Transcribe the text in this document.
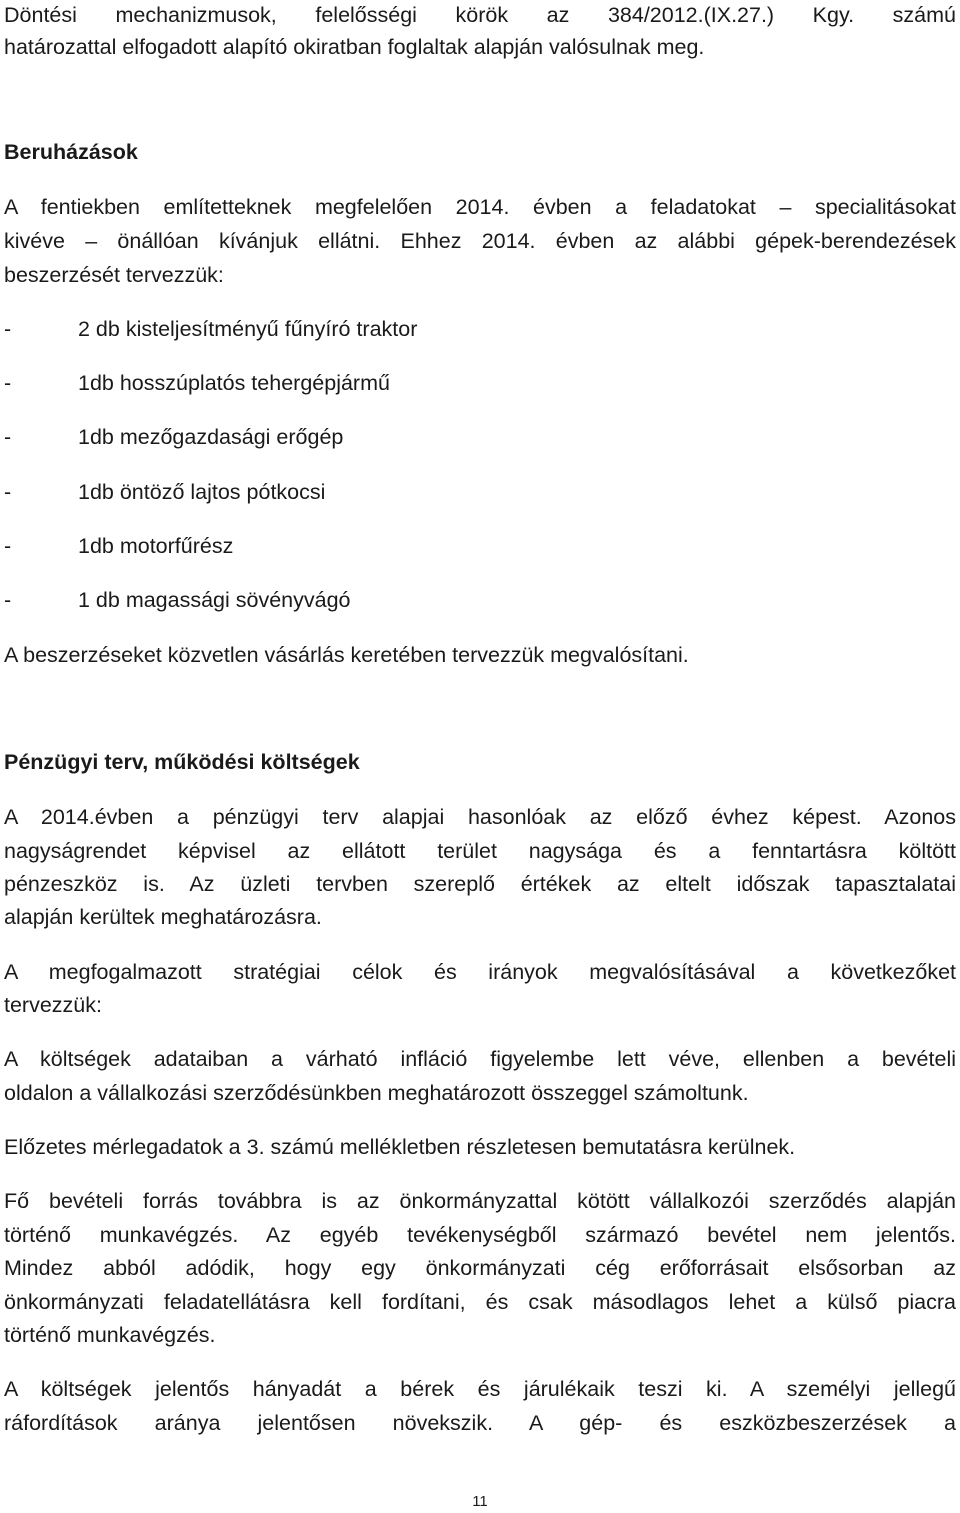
Döntési mechanizmusok, felelősségi körök az 384/2012.(IX.27.) Kgy. számú
határozattal elfogadott alapító okiratban foglaltak alapján valósulnak meg.
Beruházások
A fentiekben említetteknek megfelelően 2014. évben a feladatokat – specialitásokat
kivéve – önállóan kívánjuk ellátni. Ehhez 2014. évben az alábbi gépek-berendezések
beszerzését tervezzük:
-	2 db kisteljesítményű fűnyíró traktor
-	1db hosszúplatós tehergépjármű
-	1db mezőgazdasági erőgép
-	1db öntöző lajtos pótkocsi
-	1db motorfűrész
-	1 db magassági sövényvágó
A beszerzéseket közvetlen vásárlás keretében tervezzük megvalósítani.
Pénzügyi terv, működési költségek
A 2014.évben a pénzügyi terv alapjai hasonlóak az előző évhez képest. Azonos
nagyságrendet képvisel az ellátott terület nagysága és a fenntartásra költött
pénzeszköz is. Az üzleti tervben szereplő értékek az eltelt időszak tapasztalatai
alapján kerültek meghatározásra.
A megfogalmazott stratégiai célok és irányok megvalósításával a következőket
tervezzük:
A költségek adataiban a várható infláció figyelembe lett véve, ellenben a bevételi
oldalon a vállalkozási szerződésünkben meghatározott összeggel számoltunk.
Előzetes mérlegadatok a 3. számú mellékletben részletesen bemutatásra kerülnek.
Fő bevételi forrás továbbra is az önkormányzattal kötött vállalkozói szerződés alapján
történő munkavégzés. Az egyéb tevékenységből származó bevétel nem jelentős.
Mindez abból adódik, hogy egy önkormányzati cég erőforrásait elsősorban az
önkormányzati feladatellátásra kell fordítani, és csak másodlagos lehet a külső piacra
történő munkavégzés.
A költségek jelentős hányadát a bérek és járulékaik teszi ki. A személyi jellegű
ráfordítások aránya jelentősen növekszik. A gép- és eszközbeszerzések a
11
